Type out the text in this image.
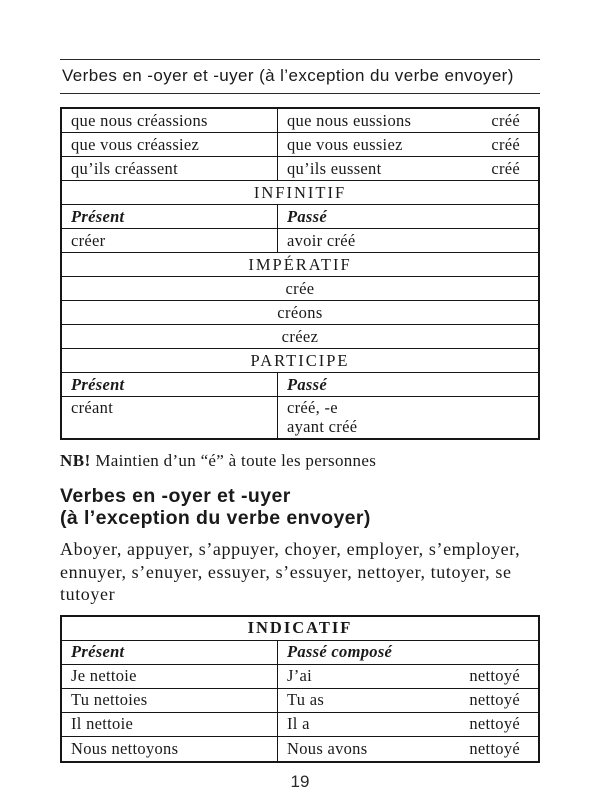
Verbes en -oyer et -uyer (à l’exception du verbe envoyer)
que nous créassions	que nous eussions	créé
que vous créassiez	que vous eussiez	créé
qu’ils créassent	qu’ils eussent	créé
INFINITIF
Présent	Passé
créer	avoir créé
IMPÉRATIF
crée
créons
créez
PARTICIPE
Présent	Passé
créant	créé, -e
ayant créé
NB! Maintien d’un “é” à toute les personnes
Verbes en -oyer et -uyer
(à l’exception du verbe envoyer)
Aboyer, appuyer, s’appuyer, choyer, employer, s’employer, ennuyer, s’enuyer, essuyer, s’essuyer, nettoyer, tutoyer, se tutoyer
INDICATIF
Présent	Passé composé
Je nettoie	J’ai	nettoyé
Tu nettoies	Tu as	nettoyé
Il nettoie	Il a	nettoyé
Nous nettoyons	Nous avons	nettoyé
19
